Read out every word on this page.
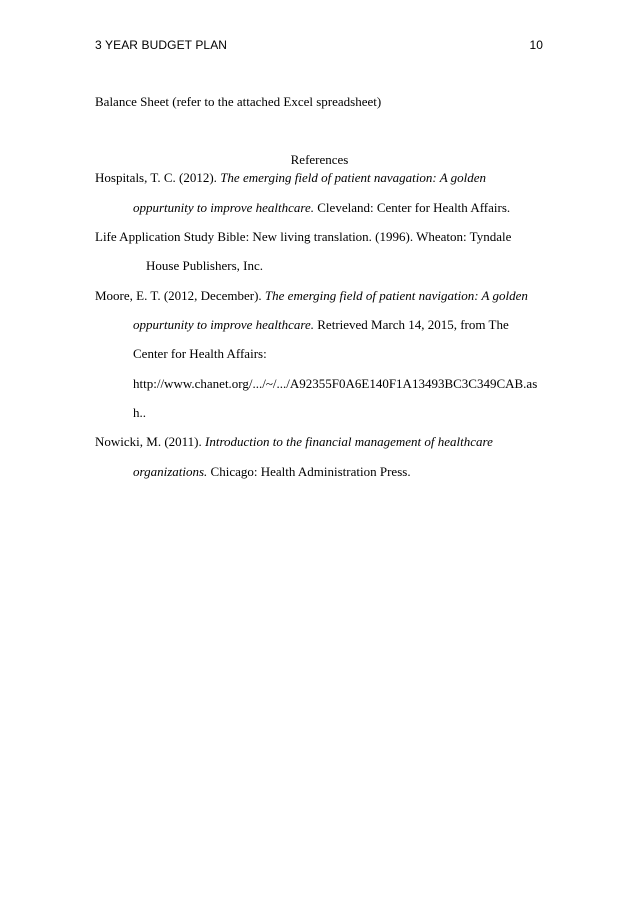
3 YEAR BUDGET PLAN	10
Balance Sheet (refer to the attached Excel spreadsheet)
References
Hospitals, T. C. (2012). The emerging field of patient navagation: A golden
oppurtunity to improve healthcare. Cleveland: Center for Health Affairs.
Life Application Study Bible: New living translation. (1996). Wheaton: Tyndale
House Publishers, Inc.
Moore, E. T. (2012, December). The emerging field of patient navigation: A golden
oppurtunity to improve healthcare. Retrieved March 14, 2015, from The
Center for Health Affairs:
http://www.chanet.org/.../~/.../A92355F0A6E140F1A13493BC3C349CAB.as
h..
Nowicki, M. (2011). Introduction to the financial management of healthcare
organizations. Chicago: Health Administration Press.
